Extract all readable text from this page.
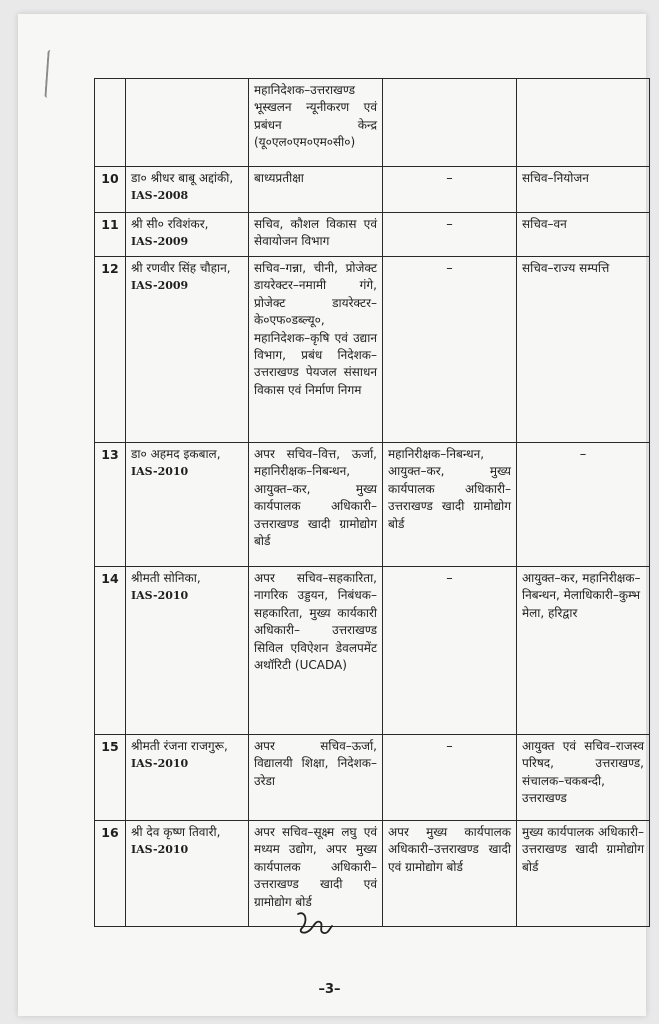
		महानिदेशक–उत्तराखण्ड भूस्खलन न्यूनीकरण एवं प्रबंधन केन्द्र (यू०एल०एम०एम०सी०)		
10	डा० श्रीधर बाबू अद्दांकी, IAS-2008	बाध्यप्रतीक्षा	–	सचिव–नियोजन
11	श्री सी० रविशंकर,
IAS-2009	सचिव, कौशल विकास एवं सेवायोजन विभाग	–	सचिव–वन
12	श्री रणवीर सिंह चौहान, IAS-2009	सचिव–गन्ना, चीनी, प्रोजेक्ट डायरेक्टर–नमामी गंगे, प्रोजेक्ट डायरेक्टर–के०एफ०डब्ल्यू०, महानिदेशक–कृषि एवं उद्यान विभाग, प्रबंध निदेशक–उत्तराखण्ड पेयजल संसाधन विकास एवं निर्माण निगम	–	सचिव–राज्य सम्पत्ति
13	डा० अहमद इकबाल,
IAS-2010	अपर सचिव–वित्त, ऊर्जा, महानिरीक्षक–निबन्धन, आयुक्त–कर, मुख्य कार्यपालक अधिकारी–उत्तराखण्ड खादी ग्रामोद्योग बोर्ड	महानिरीक्षक–निबन्धन, आयुक्त–कर, मुख्य कार्यपालक अधिकारी–उत्तराखण्ड खादी ग्रामोद्योग बोर्ड	–
14	श्रीमती सोनिका,
IAS-2010	अपर सचिव–सहकारिता, नागरिक उड्डयन, निबंधक–सहकारिता, मुख्य कार्यकारी अधिकारी– उत्तराखण्ड सिविल एविऐशन डेवलपमेंट अथॉरिटी (UCADA)	–	आयुक्त–कर, महानिरीक्षक–निबन्धन, मेलाधिकारी–कुम्भ मेला, हरिद्वार
15	श्रीमती रंजना राजगुरू, IAS-2010	अपर सचिव–ऊर्जा, विद्यालयी शिक्षा, निदेशक–उरेडा	–	आयुक्त एवं सचिव–राजस्व परिषद, उत्तराखण्ड, संचालक–चकबन्दी, उत्तराखण्ड
16	श्री देव कृष्ण तिवारी,
IAS-2010	अपर सचिव–सूक्ष्म लघु एवं मध्यम उद्योग, अपर मुख्य कार्यपालक अधिकारी–उत्तराखण्ड खादी एवं ग्रामोद्योग बोर्ड	अपर मुख्य कार्यपालक अधिकारी–उत्तराखण्ड खादी एवं ग्रामोद्योग बोर्ड	मुख्य कार्यपालक अधिकारी–उत्तराखण्ड खादी ग्रामोद्योग बोर्ड
–3–
